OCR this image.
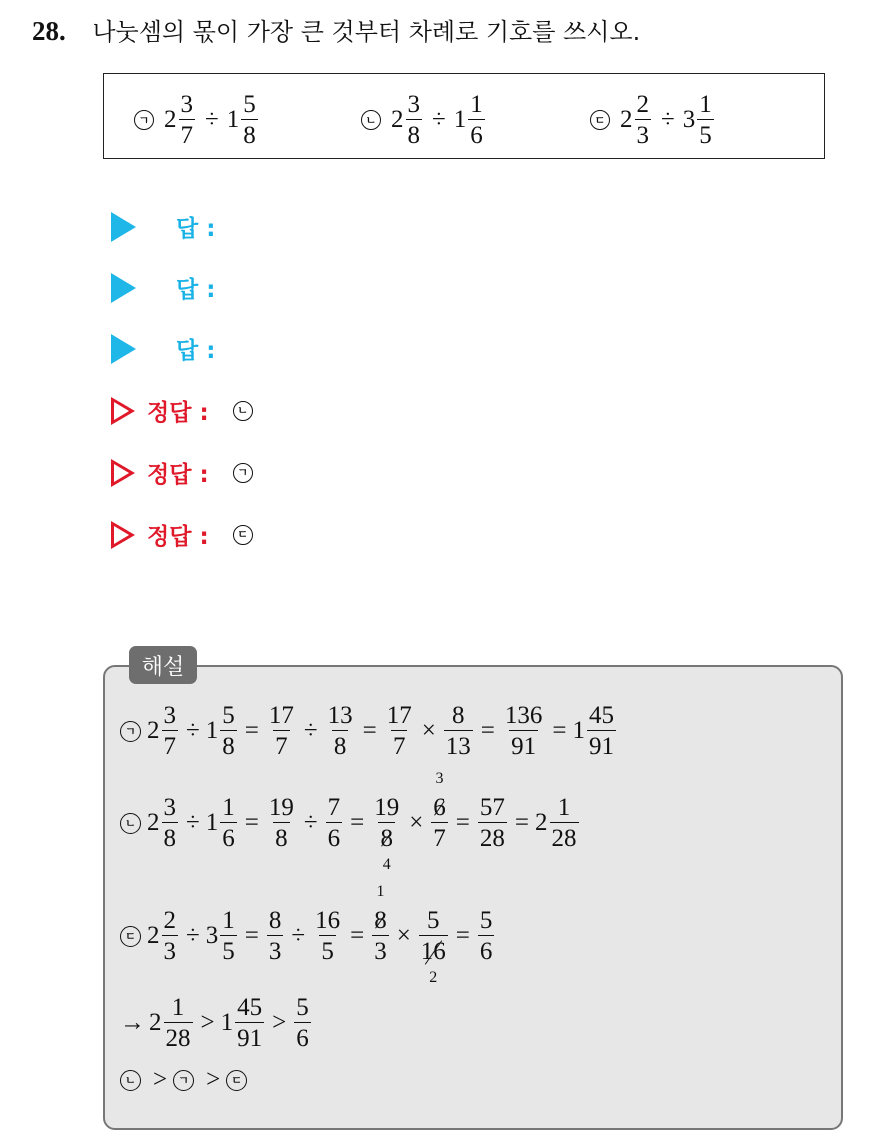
28. 나눗셈의 몫이 가장 큰 것부터 차례로 기호를 쓰시오.
ㄱ $2 \frac{3}{7} \div 1 \frac{5}{8}$	ㄴ $2 \frac{3}{8} \div 1 \frac{1}{6}$	ㄷ $2 \frac{2}{3} \div 3 \frac{1}{5}$
답 :
답 :
답 :
정답 :	ㄴ
정답 :	ㄱ
정답 :	ㄷ
해설
ㄱ $2 \frac{3}{7} \div 1 \frac{5}{8} = \frac{17}{7} \div \frac{13}{8} = \frac{17}{7} \times \frac{8}{13} = \frac{136}{91} = 1 \frac{45}{91}$
ㄴ $2 \frac{3}{8} \div 1 \frac{1}{6} = \frac{19}{8} \div \frac{7}{6} = 19$
8
4 × 6
3
$7 = \frac{57}{28} = 2 \frac{1}{28}$
ㄷ $2 \frac{2}{3} \div 3 \frac{1}{5} = \frac{8}{3} \div \frac{16}{5} = 8$
1
3 × 5
16
$2 = \frac{5}{6}$
→ $2 \frac{1}{28} > 1 \frac{45}{91} > \frac{5}{6}$
ㄴ >	ㄱ >	ㄷ
